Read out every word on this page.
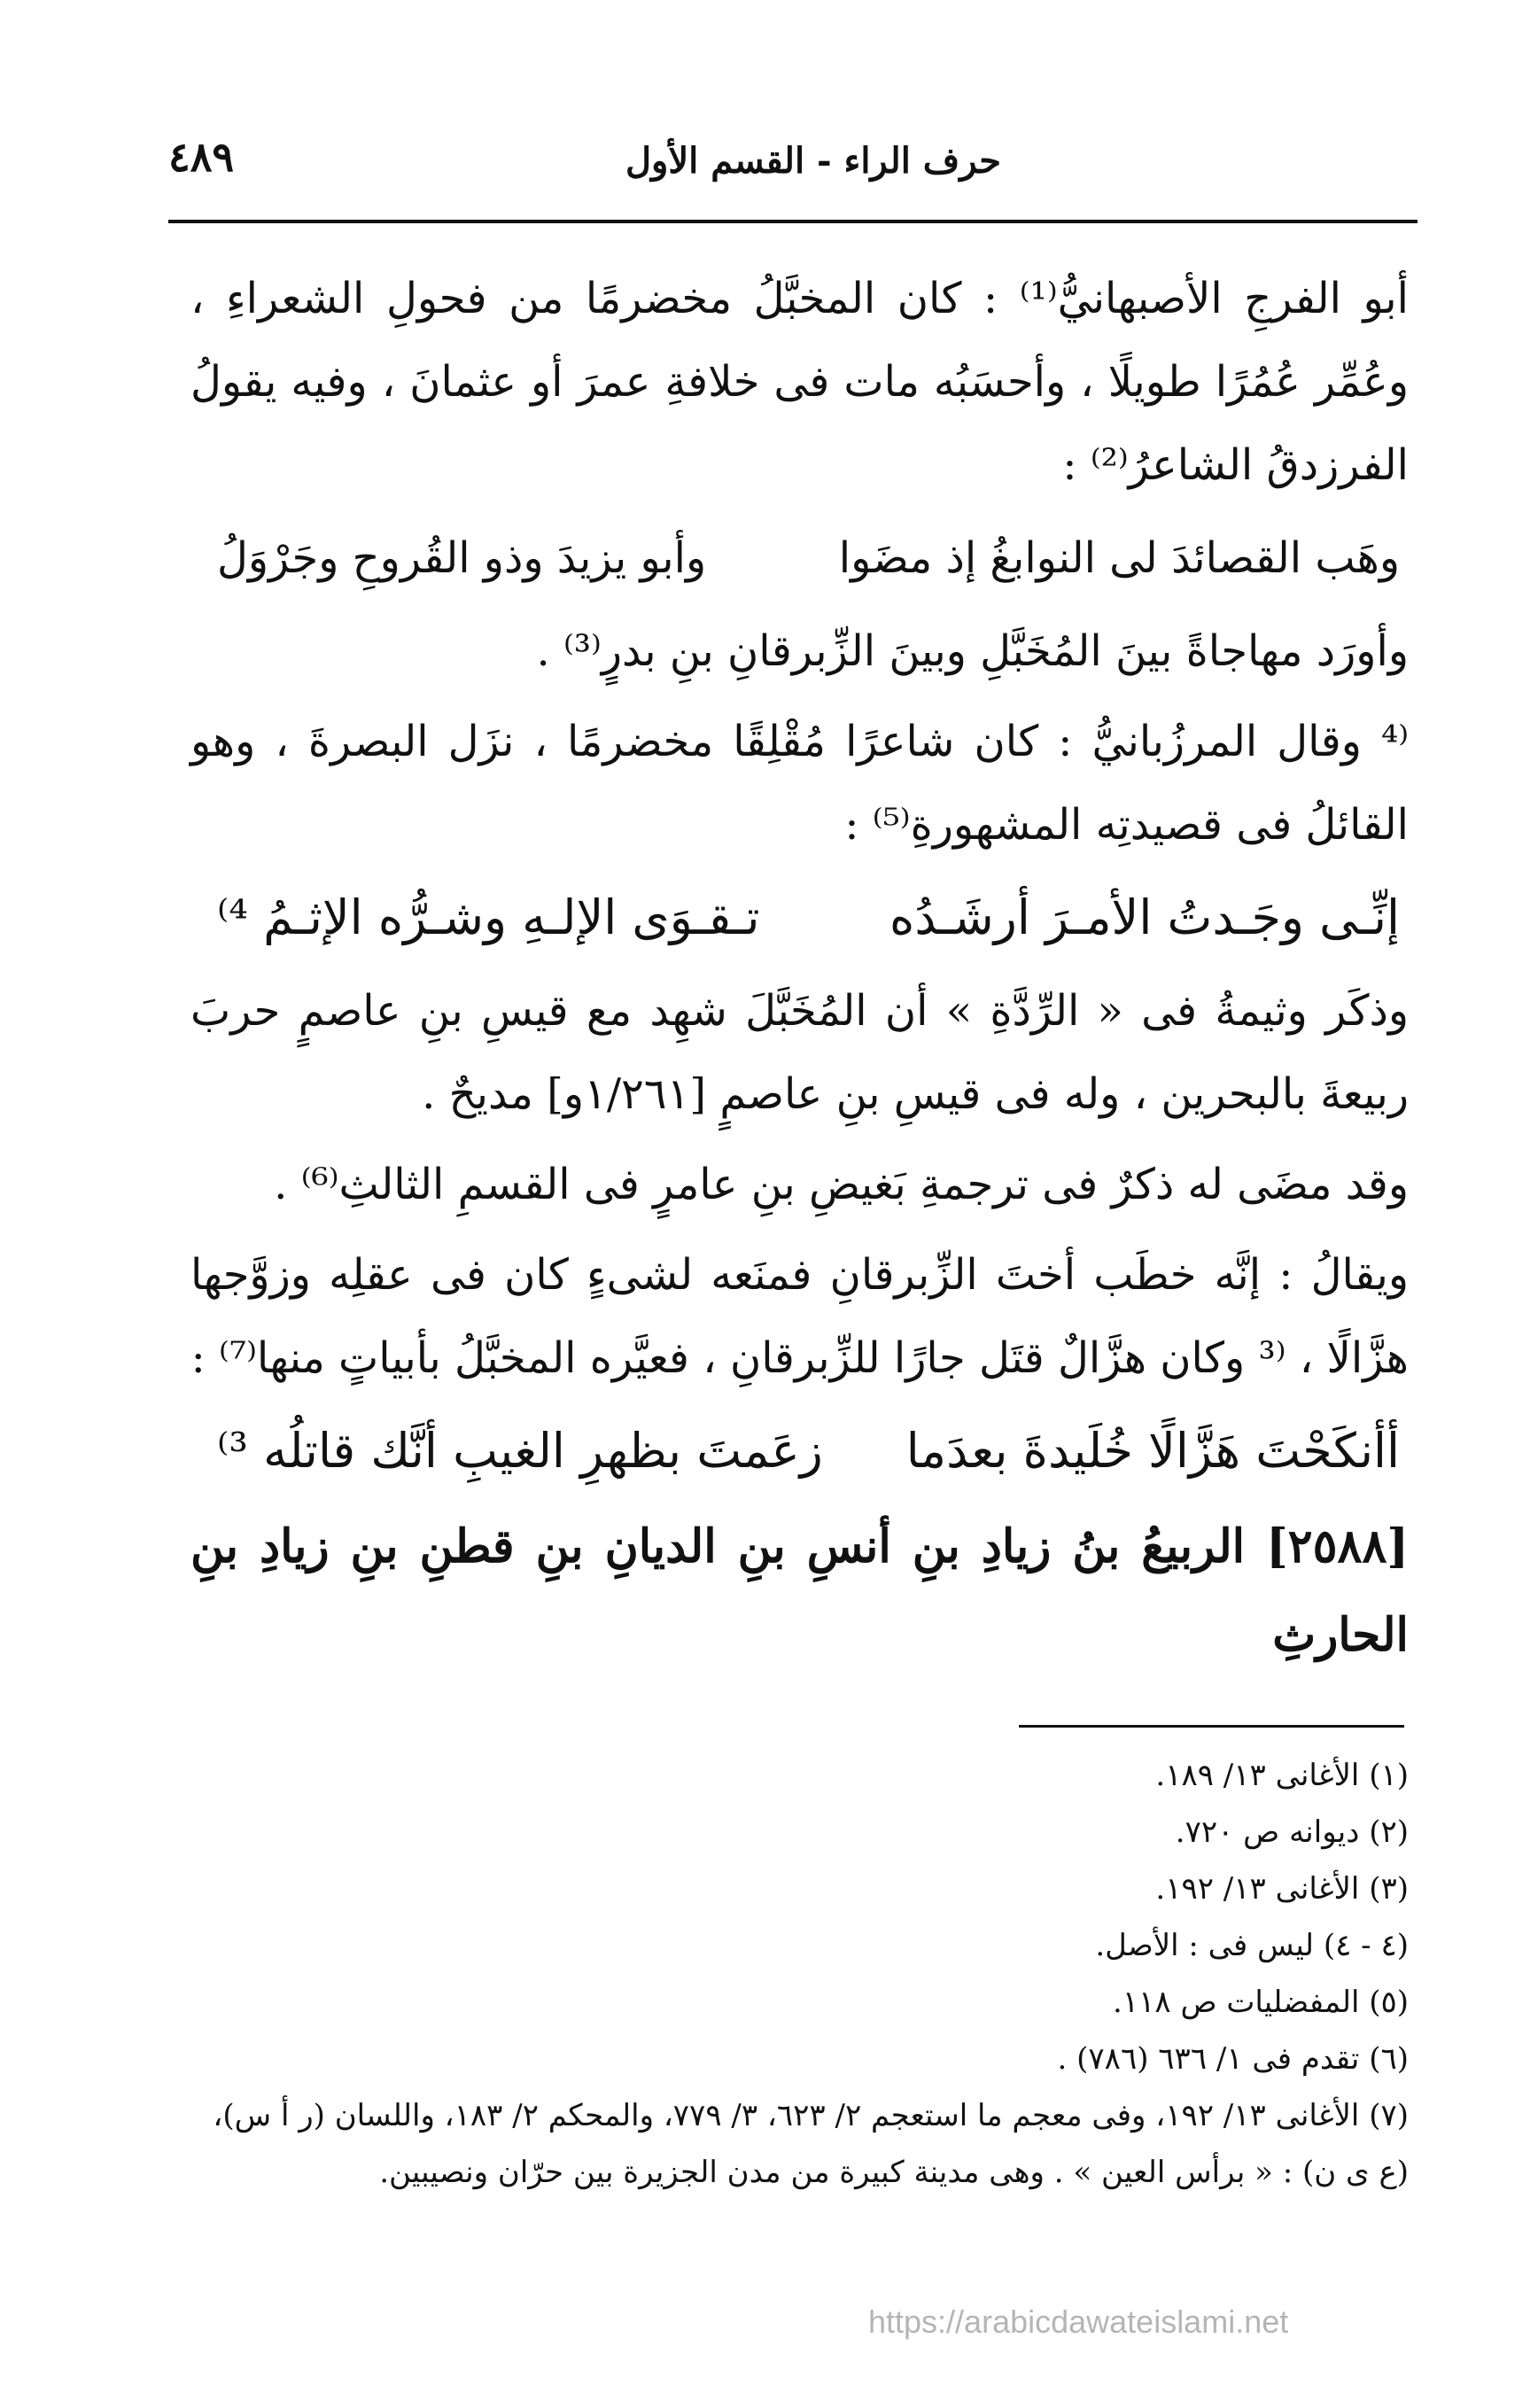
حرف الراء - القسم الأول
٤٨٩

أبو الفرجِ الأصبهانيُّ⁽¹⁾ : كان المخبَّلُ مخضرمًا من فحولِ الشعراءِ ، وعُمِّر عُمُرًا طويلًا ، وأحسَبُه مات فى خلافةِ عمرَ أو عثمانَ ، وفيه يقولُ الفرزدقُ الشاعرُ⁽²⁾ :

وهَب القصائدَ لى النوابغُ إذ مضَوا
وأبو يزيدَ وذو القُروحِ وجَرْوَلُ

وأورَد مهاجاةً بينَ المُخَبَّلِ وبينَ الزِّبرقانِ بنِ بدرٍ⁽³⁾ .

⁽⁴ وقال المرزُبانيُّ : كان شاعرًا مُقْلِقًا مخضرمًا ، نزَل البصرةَ ، وهو القائلُ فى قصيدتِه المشهورةِ⁽⁵⁾ :

إنِّـى وجَـدتُ الأمـرَ أرشَـدُه
تـقـوَى الإلـهِ وشـرُّه الإثـمُ ⁴⁾

وذكَر وثيمةُ فى « الرِّدَّةِ » أن المُخَبَّلَ شهِد مع قيسِ بنِ عاصمٍ حربَ ربيعةَ بالبحرين ، وله فى قيسِ بنِ عاصمٍ [١/٢٦١و] مديحٌ .

وقد مضَى له ذكرٌ فى ترجمةِ بَغيضِ بنِ عامرٍ فى القسمِ الثالثِ⁽⁶⁾ .

ويقالُ : إنَّه خطَب أختَ الزِّبرقانِ فمنَعه لشىءٍ كان فى عقلِه وزوَّجها هزَّالًا ، ⁽³ وكان هزَّالٌ قتَل جارًا للزِّبرقانِ ، فعيَّره المخبَّلُ بأبياتٍ منها⁽⁷⁾ :

أأنكَحْتَ هَزَّالًا خُلَيدةَ بعدَما
زعَمتَ بظهرِ الغيبِ أنَّك قاتلُه ³⁾
[٢٥٨٨] الربيعُ بنُ زيادِ بنِ أنسِ بنِ الديانِ بنِ قطنِ بنِ زيادِ بنِ الحارثِ

(١) الأغانى ١٣/ ١٨٩.

(٢) ديوانه ص ٧٢٠.

(٣) الأغانى ١٣/ ١٩٢.

(٤ - ٤) ليس فى : الأصل.

(٥) المفضليات ص ١١٨.

(٦) تقدم فى ١/ ٦٣٦ (٧٨٦) .

(٧) الأغانى ١٣/ ١٩٢، وفى معجم ما استعجم ٢/ ٦٢٣، ٣/ ٧٧٩، والمحكم ٢/ ١٨٣، واللسان (ر أ س)، (ع ى ن) : « برأس العين » . وهى مدينة كبيرة من مدن الجزيرة بين حرّان ونصيبين.

https://arabicdawateislami.net
